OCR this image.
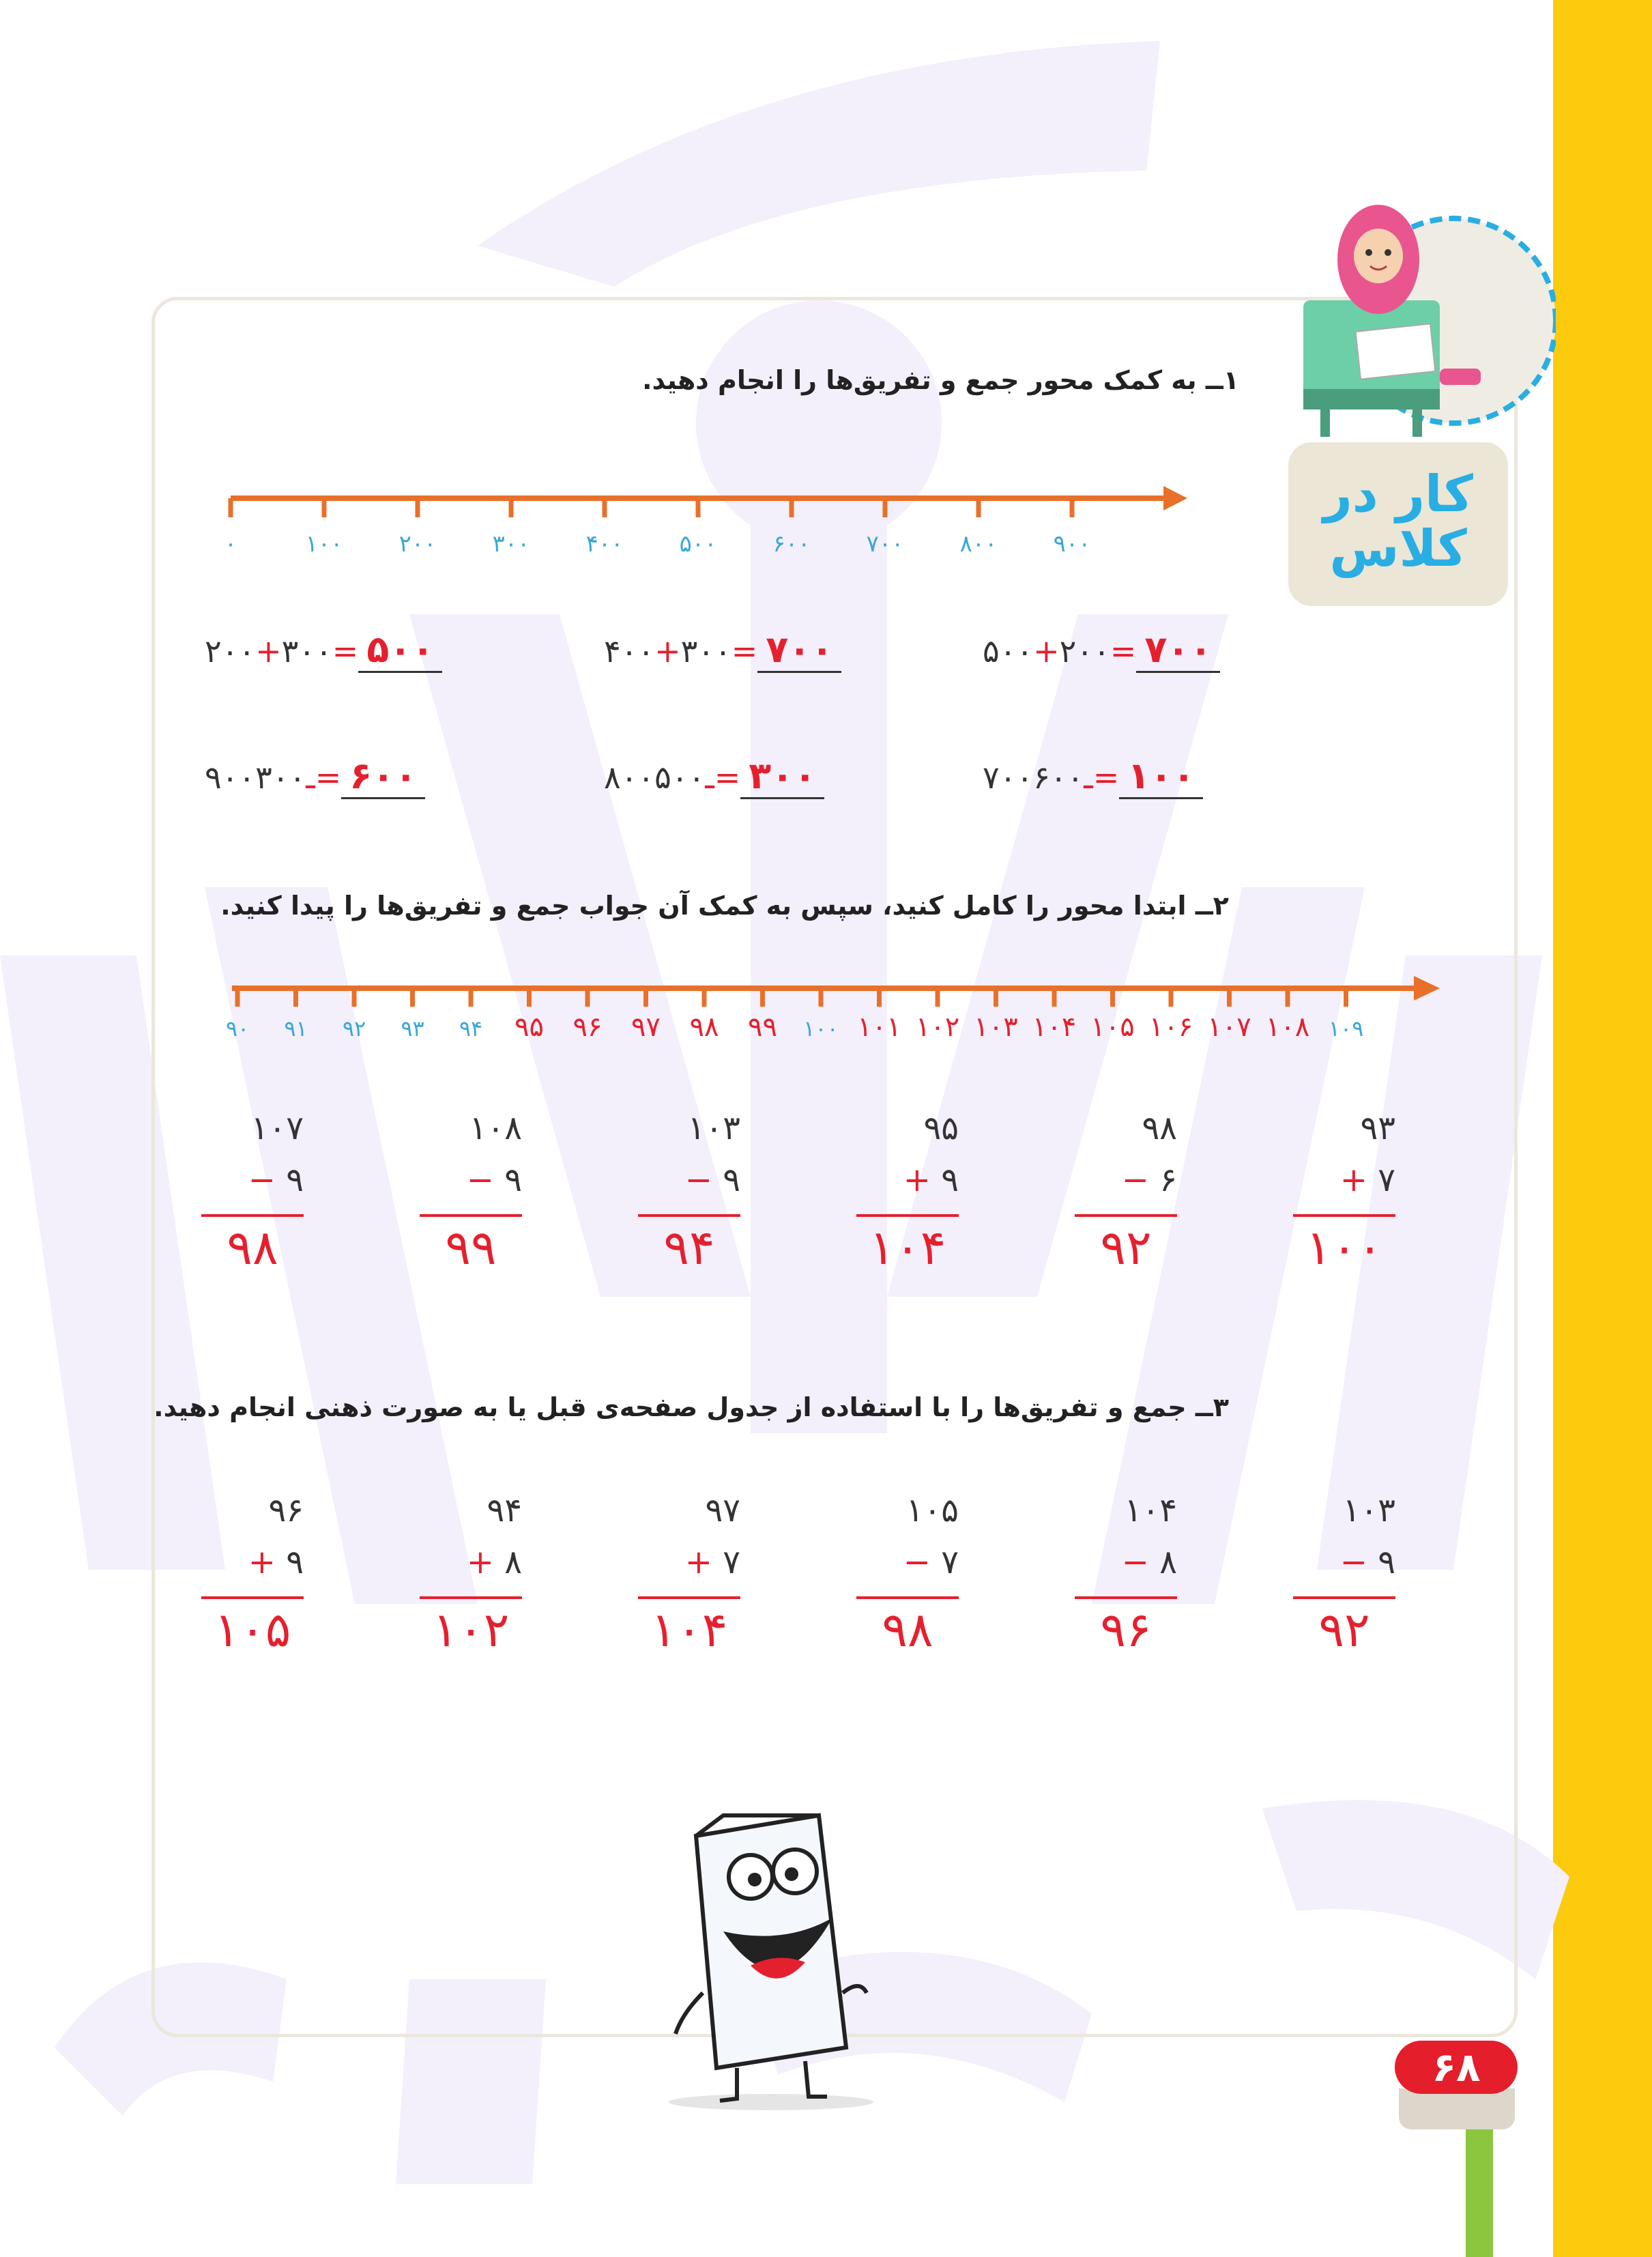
کار در کلاس
۱ــ به کمک محور جمع و تفریق‌ها را انجام دهید.
۰	۱۰۰ ۲۰۰ ۳۰۰ ۴۰۰ ۵۰۰ ۶۰۰ ۷۰۰ ۸۰۰ ۹۰۰
۲۰۰+۳۰۰= ۵۰۰	۴۰۰+۳۰۰= ۷۰۰	۵۰۰+۲۰۰= ۷۰۰
۹۰۰ ـ۳۰۰ = ۶۰۰	۸۰۰ ـ۵۰۰ = ۳۰۰	۷۰۰ ـ۶۰۰ = ۱۰۰
۲ــ ابتدا محور را کامل کنید، سپس به کمک آن جواب جمع و تفریق‌ها را پیدا کنید.
۹۰ ۹۱ ۹۲ ۹۳ ۹۴ ۹۵ ۹۶ ۹۷ ۹۸ ۹۹ ۱۰۰ ۱۰۱ ۱۰۲ ۱۰۳ ۱۰۴ ۱۰۵ ۱۰۶ ۱۰۷ ۱۰۸ ۱۰۹
۱۰۷
− ۹
۹۸
۱۰۸
− ۹
۹۹
۱۰۳
− ۹
۹۴
۹۵
+ ۹
۱۰۴
۹۸
− ۶
۹۲
۹۳
+ ۷
۱۰۰
۳ــ جمع و تفریق‌ها را با استفاده از جدول صفحه‌ی قبل یا به صورت ذهنی انجام دهید.
۹۶
+ ۹
۱۰۵
۹۴
+ ۸
۱۰۲
۹۷
+ ۷
۱۰۴
۱۰۵
− ۷
۹۸
۱۰۴
− ۸
۹۶
۱۰۳
− ۹
۹۲
۶۸
